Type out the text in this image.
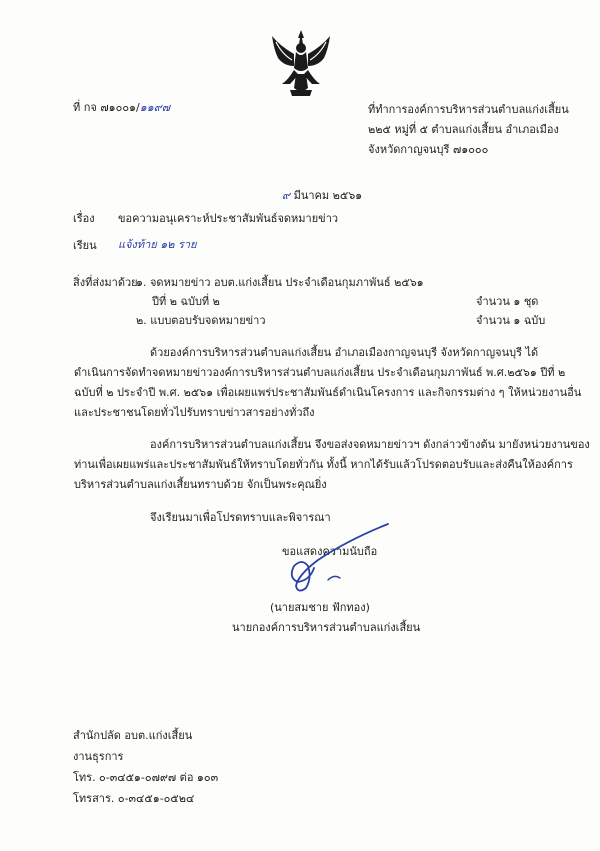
ที่ กจ ๗๑๐๐๑/๑๑๙๗	ที่ทำการองค์การบริหารส่วนตำบลแก่งเสี้ยน
๒๒๕ หมู่ที่ ๕ ตำบลแก่งเสี้ยน อำเภอเมือง
จังหวัดกาญจนบุรี ๗๑๐๐๐
๙ มีนาคม ๒๕๖๑
เรื่อง ขอความอนุเคราะห์ประชาสัมพันธ์จดหมายข่าว
เรียน แจ้งท้าย ๑๒ ราย
สิ่งที่ส่งมาด้วย
๑. จดหมายข่าว อบต.แก่งเสี้ยน ประจำเดือนกุมภาพันธ์ ๒๕๖๑
ปีที่ ๒ ฉบับที่ ๒	จำนวน ๑ ชุด
๒. แบบตอบรับจดหมายข่าว	จำนวน ๑ ฉบับ
ด้วยองค์การบริหารส่วนตำบลแก่งเสี้ยน อำเภอเมืองกาญจนบุรี จังหวัดกาญจนบุรี ได้
ดำเนินการจัดทำจดหมายข่าวองค์การบริหารส่วนตำบลแก่งเสี้ยน ประจำเดือนกุมภาพันธ์ พ.ศ.๒๕๖๑ ปีที่ ๒
ฉบับที่ ๒ ประจำปี พ.ศ. ๒๕๖๑ เพื่อเผยแพร่ประชาสัมพันธ์ดำเนินโครงการ และกิจกรรมต่าง ๆ ให้หน่วยงานอื่น
และประชาชนโดยทั่วไปรับทราบข่าวสารอย่างทั่วถึง
องค์การบริหารส่วนตำบลแก่งเสี้ยน จึงขอส่งจดหมายข่าวฯ ดังกล่าวข้างต้น มายังหน่วยงานของ
ท่านเพื่อเผยแพร่และประชาสัมพันธ์ให้ทราบโดยทั่วกัน ทั้งนี้ หากได้รับแล้วโปรดตอบรับและส่งคืนให้องค์การ
บริหารส่วนตำบลแก่งเสี้ยนทราบด้วย จักเป็นพระคุณยิ่ง
จึงเรียนมาเพื่อโปรดทราบและพิจารณา
ขอแสดงความนับถือ
(นายสมชาย ฟักทอง)
นายกองค์การบริหารส่วนตำบลแก่งเสี้ยน
สำนักปลัด อบต.แก่งเสี้ยน
งานธุรการ
โทร. ๐-๓๔๕๑-๐๗๙๗ ต่อ ๑๐๓
โทรสาร. ๐-๓๔๕๑-๐๕๒๔
